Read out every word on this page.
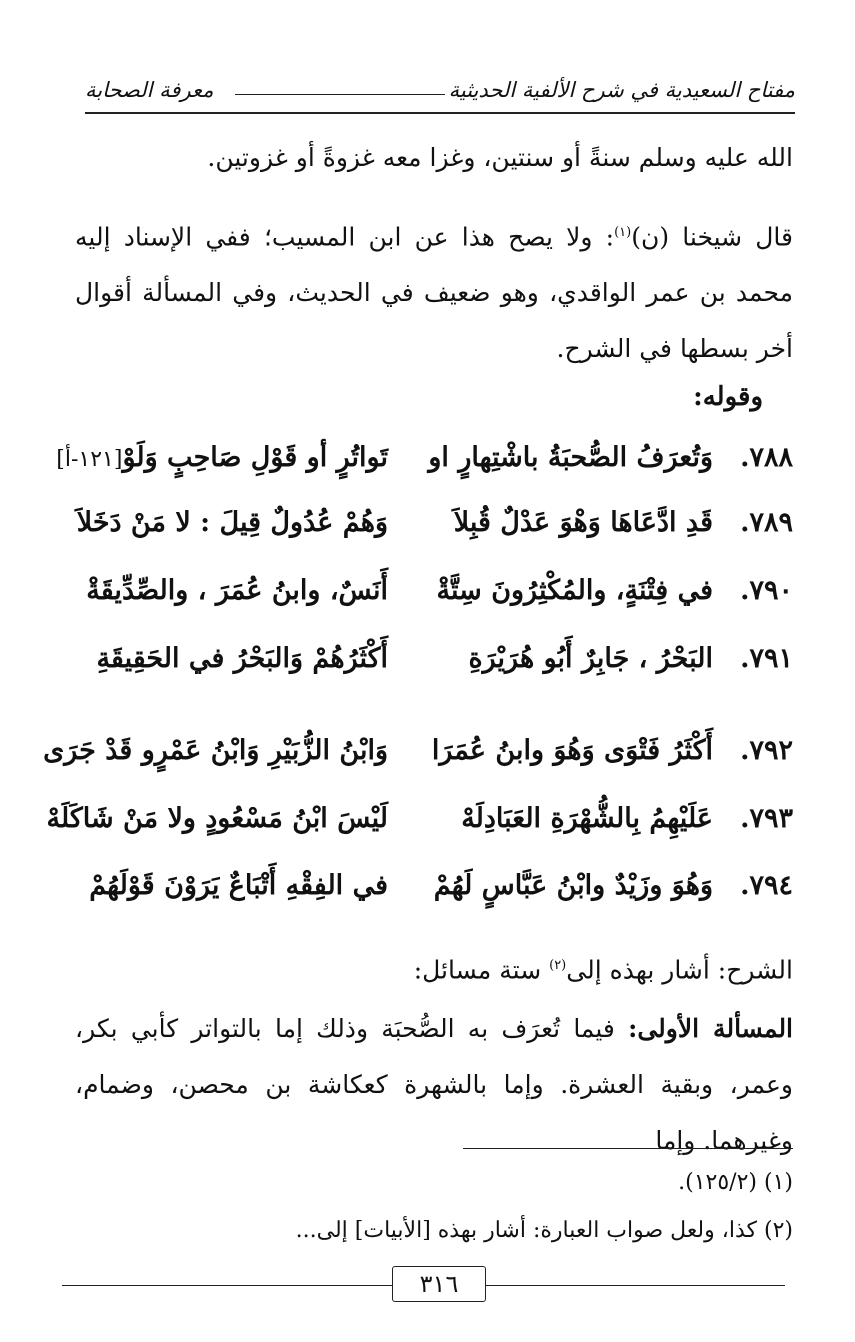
مفتاح السعيدية في شرح الألفية الحديثية
معرفة الصحابة

الله عليه وسلم سنةً أو سنتين، وغزا معه غزوةً أو غزوتين.

قال شيخنا (ن)$^{(١)}$: ولا يصح هذا عن ابن المسيب؛ ففي الإسناد إليه محمد بن عمر الواقدي، وهو ضعيف في الحديث، وفي المسألة أقوال أخر بسطها في الشرح.

وقوله:
٧٨٨.
وَتُعرَفُ الصُّحبَةُ باشْتِهارٍ او
تَواتُرٍ أو قَوْلِ صَاحِبٍ وَلَوْ[١٢١-أ]
٧٨٩.
قَدِ ادَّعَاهَا وَهْوَ عَدْلٌ قُبِلاَ
وَهُمْ عُدُولٌ قِيلَ : لا مَنْ دَخَلاَ
٧٩٠.
في فِتْنَةٍ، والمُكْثِرُونَ سِتَّةْ
أَنَسٌ، وابنُ عُمَرَ ، والصِّدِّيقَةْ
٧٩١.
البَحْرُ ، جَابِرٌ أَبُو هُرَيْرَةِ
أَكْثَرُهُمْ وَالبَحْرُ في الحَقِيقَةِ
٧٩٢.
أَكْثَرُ فَتْوَى وَهُوَ وابنُ عُمَرَا
وَابْنُ الزُّبَيْرِ وَابْنُ عَمْرٍو قَدْ جَرَى
٧٩٣.
عَلَيْهِمُ بِالشُّهْرَةِ العَبَادِلَهْ
لَيْسَ ابْنُ مَسْعُودٍ ولا مَنْ شَاكَلَهْ
٧٩٤.
وَهُوَ وزَيْدٌ وابْنُ عَبَّاسٍ لَهُمْ
في الفِقْهِ أَتْبَاعٌ يَرَوْنَ قَوْلَهُمْ

الشرح: أشار بهذه إلى$^{(٢)}$ ستة مسائل:

المسألة الأولى: فيما تُعرَف به الصُّحبَة وذلك إما بالتواتر كأبي بكر، وعمر، وبقية العشرة. وإما بالشهرة كعكاشة بن محصن، وضمام، وغيرهما. وإما

(١) (١٢٥/٢).

(٢) كذا، ولعل صواب العبارة: أشار بهذه [الأبيات] إلى...

٣١٦
